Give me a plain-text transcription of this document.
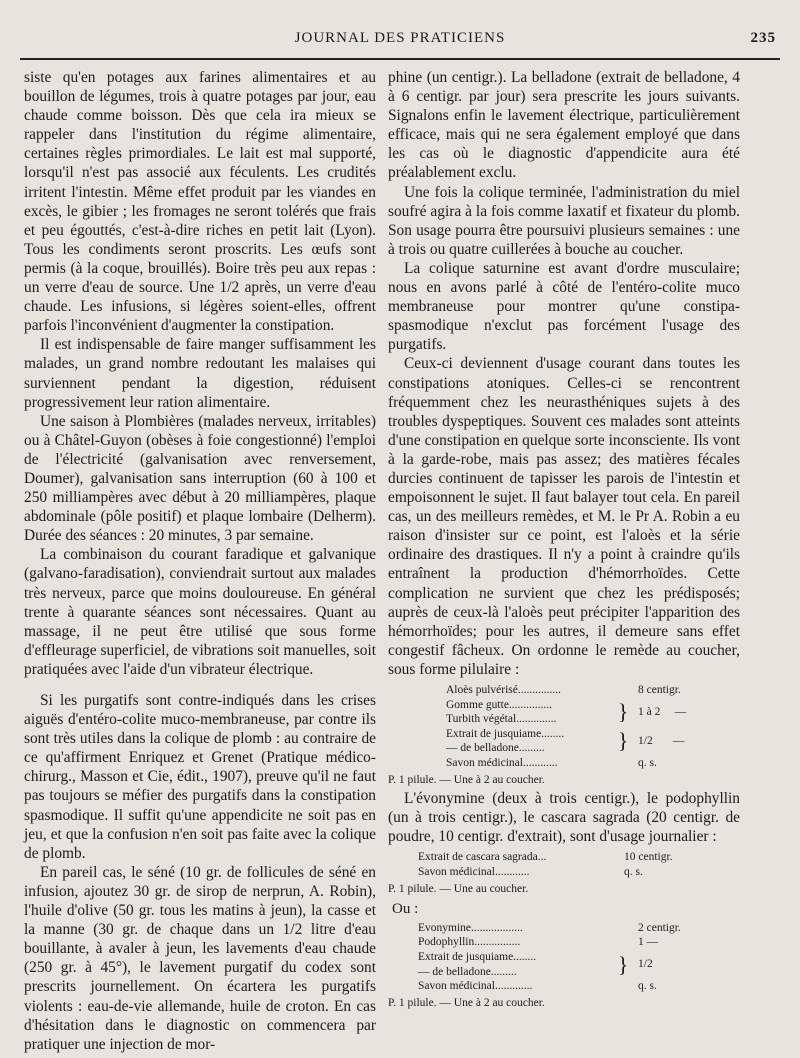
JOURNAL DES PRATICIENS	235

siste qu'en potages aux farines alimentaires et au bouillon de légumes, trois à quatre potages par jour, eau chaude comme boisson. Dès que cela ira mieux se rappeler dans l'institution du régime alimentaire, certaines règles primordiales. Le lait est mal supporté, lorsqu'il n'est pas associé aux féculents. Les crudités irritent l'intestin. Même effet produit par les viandes en excès, le gibier ; les fromages ne seront tolérés que frais et peu égouttés, c'est-à-dire riches en petit lait (Lyon). Tous les condiments seront proscrits. Les œufs sont permis (à la coque, brouillés). Boire très peu aux repas : un verre d'eau de source. Une 1/2 après, un verre d'eau chaude. Les infusions, si légères soient-elles, offrent parfois l'inconvénient d'augmenter la constipation.

Il est indispensable de faire manger suffisamment les malades, un grand nombre redoutant les malaises qui surviennent pendant la digestion, réduisent progressivement leur ration alimentaire.

Une saison à Plombières (malades nerveux, irritables) ou à Châtel-Guyon (obèses à foie congestionné) l'emploi de l'électricité (galvanisation avec renversement, Doumer), galvanisation sans interruption (60 à 100 et 250 milliampères avec début à 20 milliampères, plaque abdominale (pôle positif) et plaque lombaire (Delherm). Durée des séances : 20 minutes, 3 par semaine.

La combinaison du courant faradique et galvanique (galvano-faradisation), conviendrait surtout aux malades très nerveux, parce que moins douloureuse. En général trente à quarante séances sont nécessaires. Quant au massage, il ne peut être utilisé que sous forme d'effleurage superficiel, de vibrations soit manuelles, soit pratiquées avec l'aide d'un vibrateur électrique.

Si les purgatifs sont contre-indiqués dans les crises aiguës d'entéro-colite muco-membraneuse, par contre ils sont très utiles dans la colique de plomb : au contraire de ce qu'affirment Enriquez et Grenet (Pratique médico-chirurg., Masson et Cie, édit., 1907), preuve qu'il ne faut pas toujours se méfier des purgatifs dans la constipation spasmodique. Il suffit qu'une appendicite ne soit pas en jeu, et que la confusion n'en soit pas faite avec la colique de plomb.

En pareil cas, le séné (10 gr. de follicules de séné en infusion, ajoutez 30 gr. de sirop de nerprun, A. Robin), l'huile d'olive (50 gr. tous les matins à jeun), la casse et la manne (30 gr. de chaque dans un 1/2 litre d'eau bouillante, à avaler à jeun, les lavements d'eau chaude (250 gr. à 45°), le lavement purgatif du codex sont prescrits journellement. On écartera les purgatifs violents : eau-de-vie allemande, huile de croton. En cas d'hésitation dans le diagnostic on commencera par pratiquer une injection de mor-

phine (un centigr.). La belladone (extrait de belladone, 4 à 6 centigr. par jour) sera prescrite les jours suivants. Signalons enfin le lavement électrique, particulièrement efficace, mais qui ne sera également employé que dans les cas où le diagnostic d'appendicite aura été préalablement exclu.

Une fois la colique terminée, l'administration du miel soufré agira à la fois comme laxatif et fixateur du plomb. Son usage pourra être poursuivi plusieurs semaines : une à trois ou quatre cuillerées à bouche au coucher.

La colique saturnine est avant d'ordre musculaire; nous en avons parlé à côté de l'entéro-colite muco membraneuse pour montrer qu'une constipa-spasmodique n'exclut pas forcément l'usage des purgatifs.

Ceux-ci deviennent d'usage courant dans toutes les constipations atoniques. Celles-ci se rencontrent fréquemment chez les neurasthéniques sujets à des troubles dyspeptiques. Souvent ces malades sont atteints d'une constipation en quelque sorte inconsciente. Ils vont à la garde-robe, mais pas assez; des matières fécales durcies continuent de tapisser les parois de l'intestin et empoisonnent le sujet. Il faut balayer tout cela. En pareil cas, un des meilleurs remèdes, et M. le Pr A. Robin a eu raison d'insister sur ce point, est l'aloès et la série ordinaire des drastiques. Il n'y a point à craindre qu'ils entraînent la production d'hémorrhoïdes. Cette complication ne survient que chez les prédisposés; auprès de ceux-là l'aloès peut précipiter l'apparition des hémorrhoïdes; pour les autres, il demeure sans effet congestif fâcheux. On ordonne le remède au coucher, sous forme pilulaire :

Aloès pulvérisé...............		8 centigr.
Gomme gutte...............	}	1 à 2 —
Turbith végétal..............		
Extrait de jusquiame........	}	1/2 —
— de belladone.........		
Savon médicinal............		q. s.
P. 1 pilule. — Une à 2 au coucher.

L'évonymine (deux à trois centigr.), le podophyllin (un à trois centigr.), le cascara sagrada (20 centigr. de poudre, 10 centigr. d'extrait), sont d'usage journalier :

Extrait de cascara sagrada...	10 centigr.
Savon médicinal............	q. s.
P. 1 pilule. — Une au coucher.
Ou :
Evonymine..................		2 centigr.
Podophyllin................		1 —
Extrait de jusquiame........	}	1/2
— de belladone.........		
Savon médicinal.............		q. s.
P. 1 pilule. — Une à 2 au coucher.
